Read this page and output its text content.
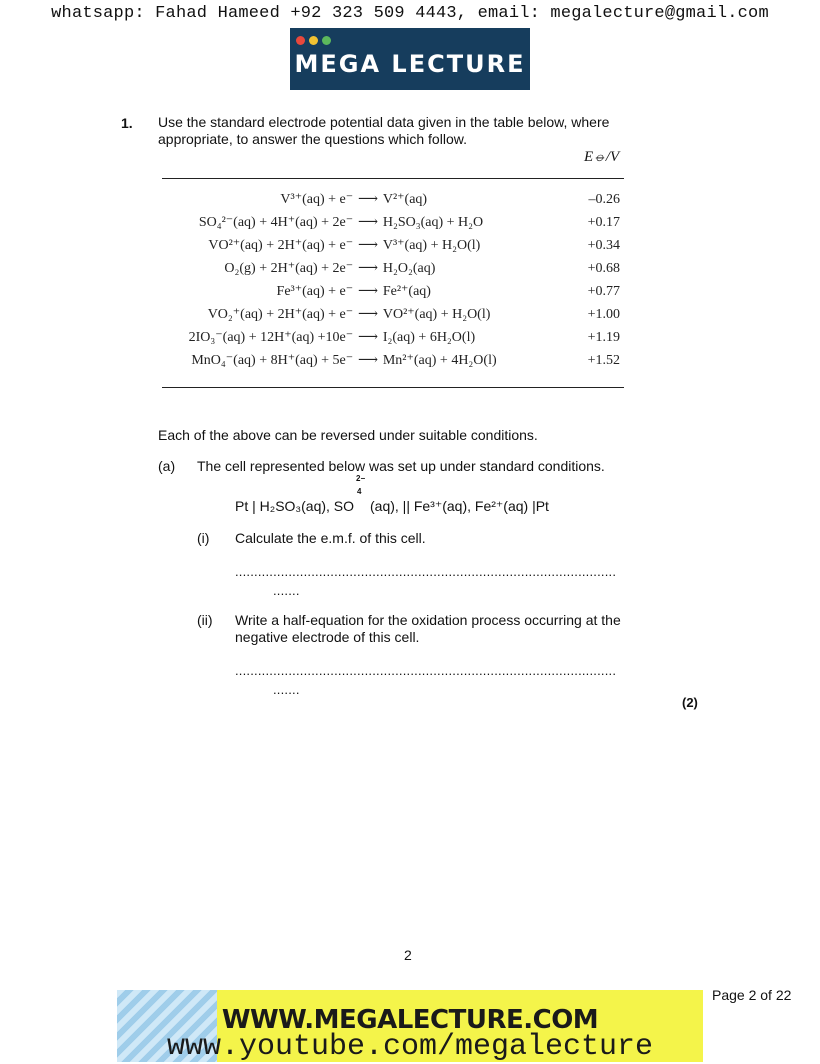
whatsapp: Fahad Hameed +92 323 509 4443, email: megalecture@gmail.com
MEGA LECTURE
1. Use the standard electrode potential data given in the table below, where
appropriate, to answer the questions which follow.
E⦵/V
V³⁺(aq) + e⁻	⟶	V²⁺(aq)	–0.26
SO₄²⁻(aq) + 4H⁺(aq) + 2e⁻	⟶	H₂SO₃(aq) + H₂O	+0.17
VO²⁺(aq) + 2H⁺(aq) + e⁻	⟶	V³⁺(aq) + H₂O(l)	+0.34
O₂(g) + 2H⁺(aq) + 2e⁻	⟶	H₂O₂(aq)	+0.68
Fe³⁺(aq) + e⁻	⟶	Fe²⁺(aq)	+0.77
VO₂⁺(aq) + 2H⁺(aq) + e⁻	⟶	VO²⁺(aq) + H₂O(l)	+1.00
2IO₃⁻(aq) + 12H⁺(aq) +10e⁻	⟶	I₂(aq) + 6H₂O(l)	+1.19
MnO₄⁻(aq) + 8H⁺(aq) + 5e⁻	⟶	Mn²⁺(aq) + 4H₂O(l)	+1.52
Each of the above can be reversed under suitable conditions.
(a) The cell represented below was set up under standard conditions.
2−
4
Pt | H₂SO₃(aq), SO (aq), || Fe³⁺(aq), Fe²⁺(aq) |Pt
(i) Calculate the e.m.f. of this cell.
....................................................................................................
.......
(ii) Write a half-equation for the oxidation process occurring at the
negative electrode of this cell.
....................................................................................................
.......
(2)
2
Page 2 of 22
WWW.MEGALECTURE.COM
www.youtube.com/megalecture
